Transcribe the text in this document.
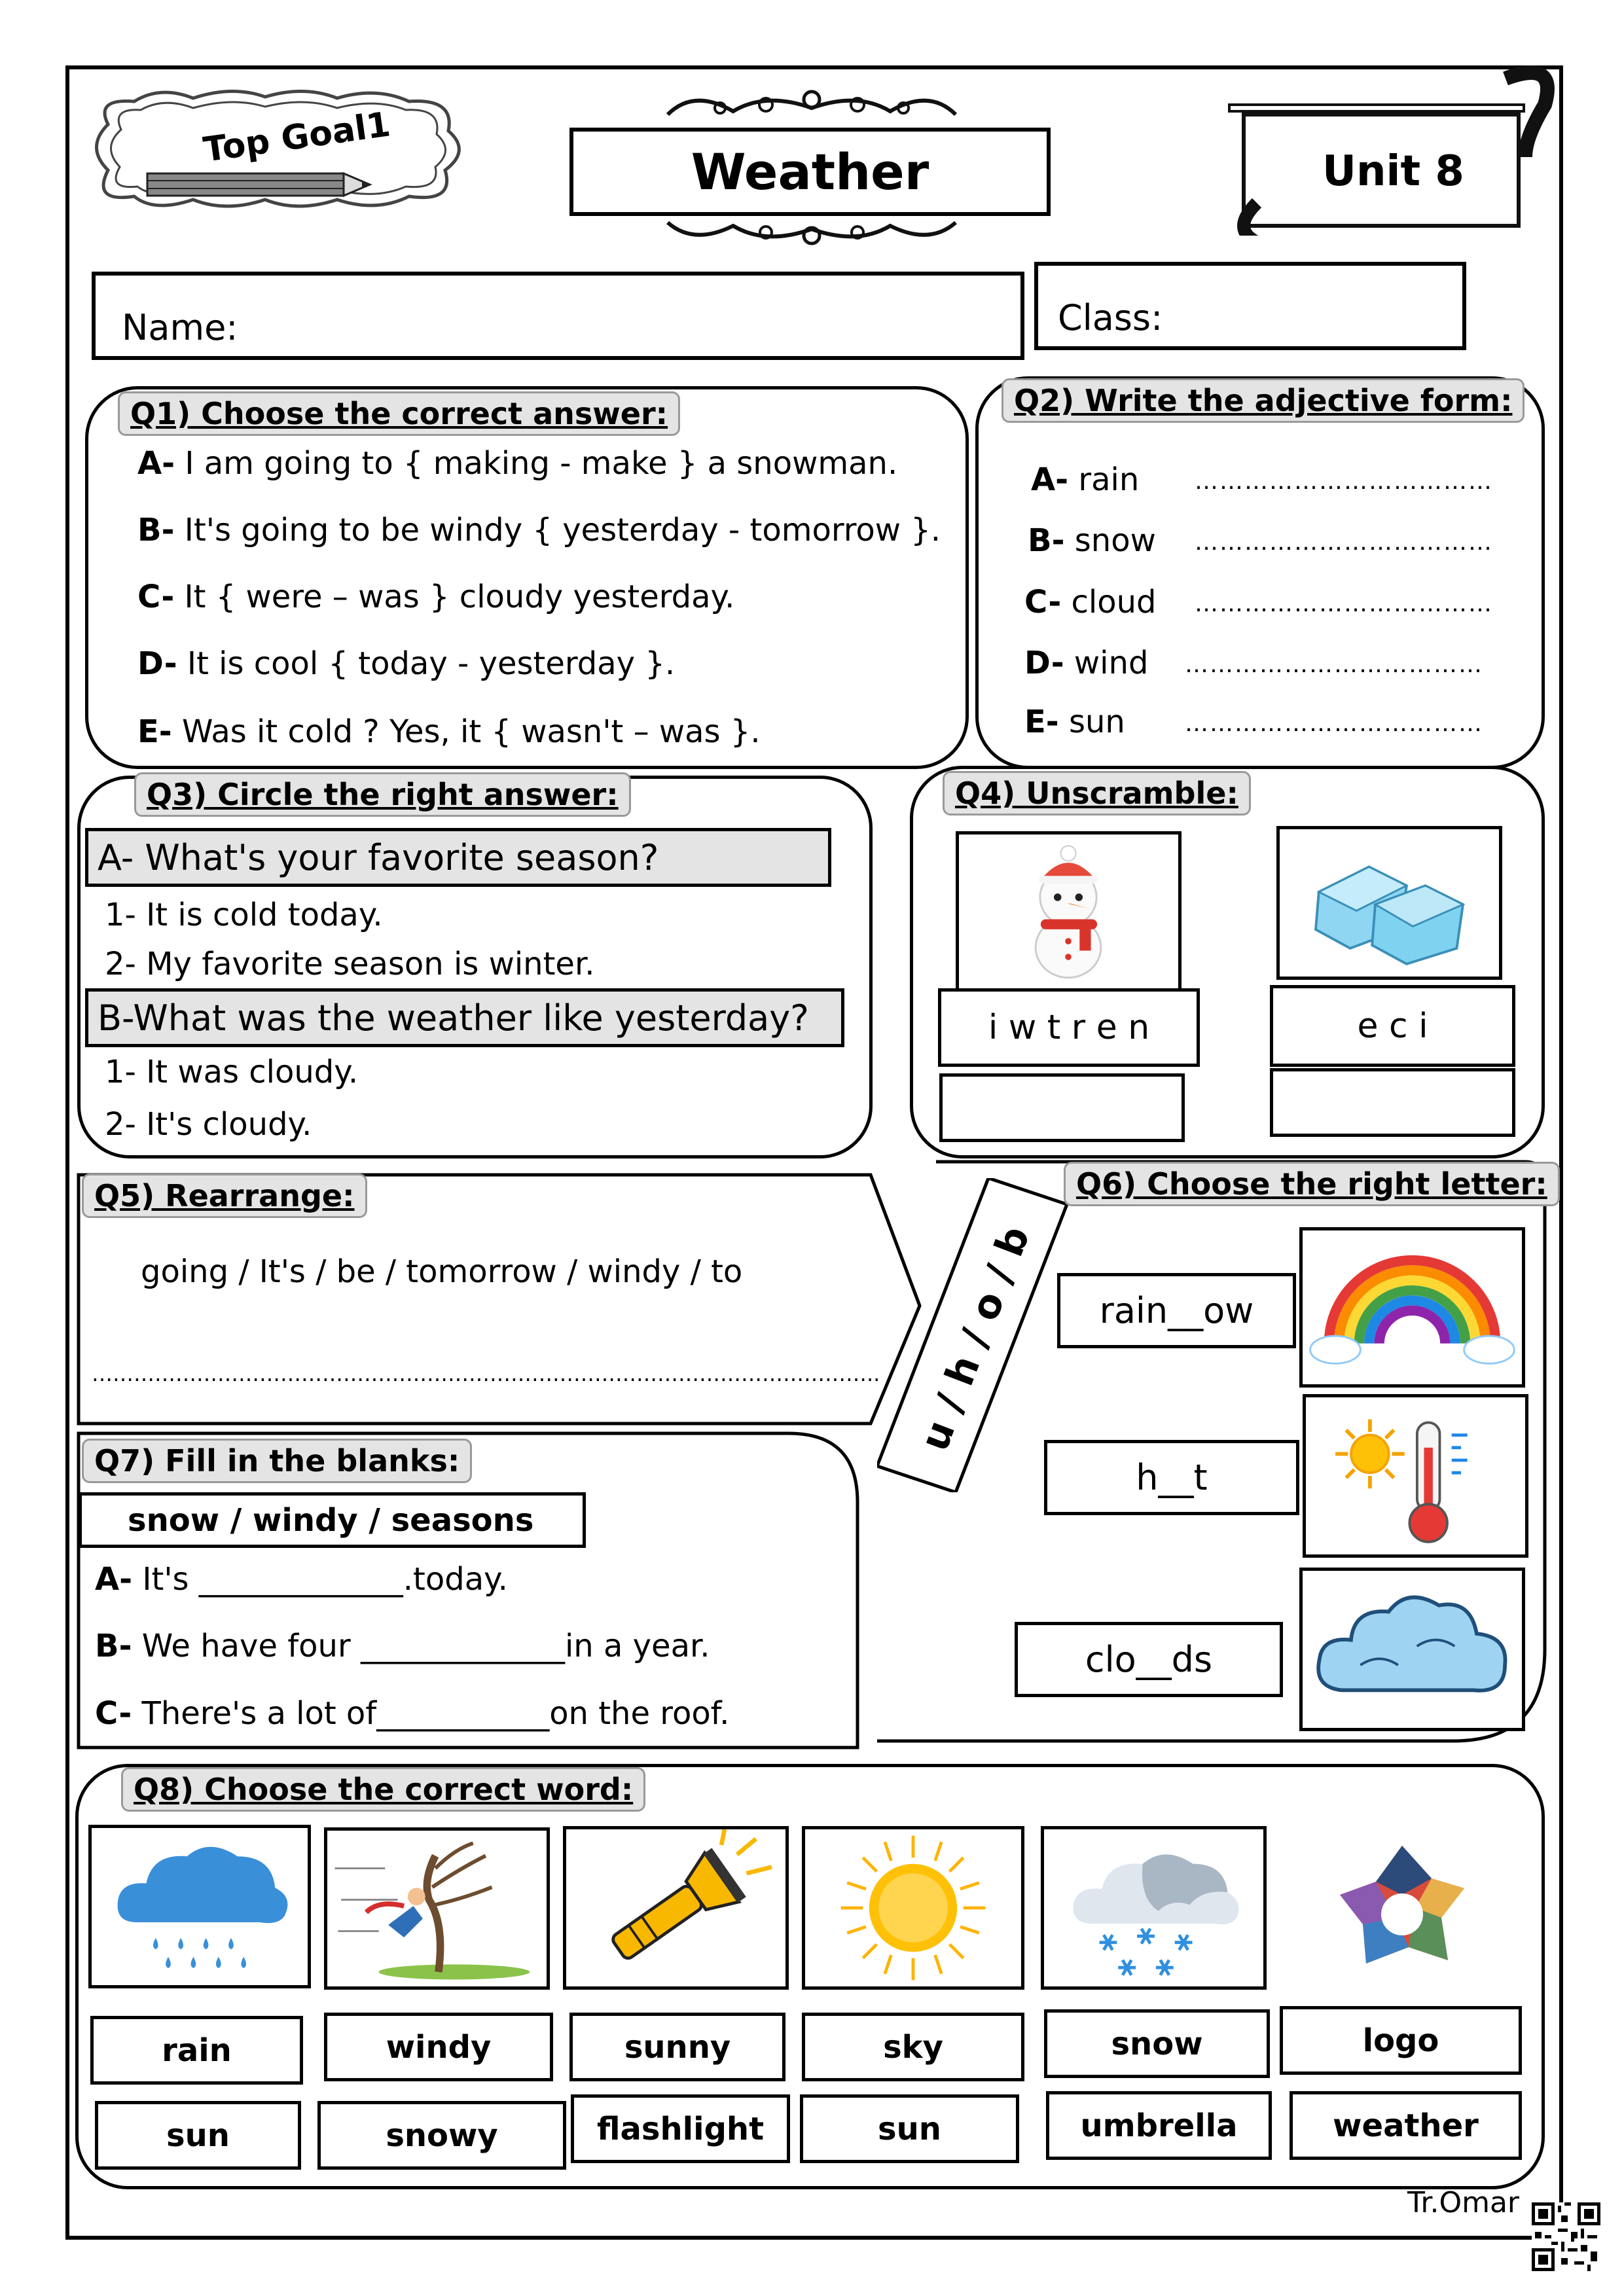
Top Goal1
Weather	Unit 8
Name:	Class:
Q1) Choose the correct answer:
A- I am going to { making - make } a snowman.
B- It's going to be windy { yesterday - tomorrow }.
C- It { were – was } cloudy yesterday.
D- It is cool { today - yesterday }.
E- Was it cold ? Yes, it { wasn't – was }.
Q2) Write the adjective form:
A- rain ………………………………
B- snow ………………………………
C- cloud ………………………………
D- wind ………………………………
E- sun	………………………………
Q3) Circle the right answer:
A- What's your favorite season?
1- It is cold today.
2- My favorite season is winter.
B-What was the weather like yesterday?
1- It was cloudy.
2- It's cloudy.
Q4) Unscramble:
i w t r e n	e c i
Q5) Rearrange:
going / It's / be / tomorrow / windy / to
………………………………………………………………………………………………….. u / h / o / b
Q6) Choose the right letter:
rain__ow
h__t
clo__ds
Q7) Fill in the blanks:
snow / windy / seasons
A- It's _____________.today.
B- We have four _____________in a year.
C- There's a lot of___________on the roof.
Q8) Choose the correct word:
rain	windy	sunny	sky	snow	logo
sun	snowy	flashlight	sun	umbrella	weather
Tr.Omar
